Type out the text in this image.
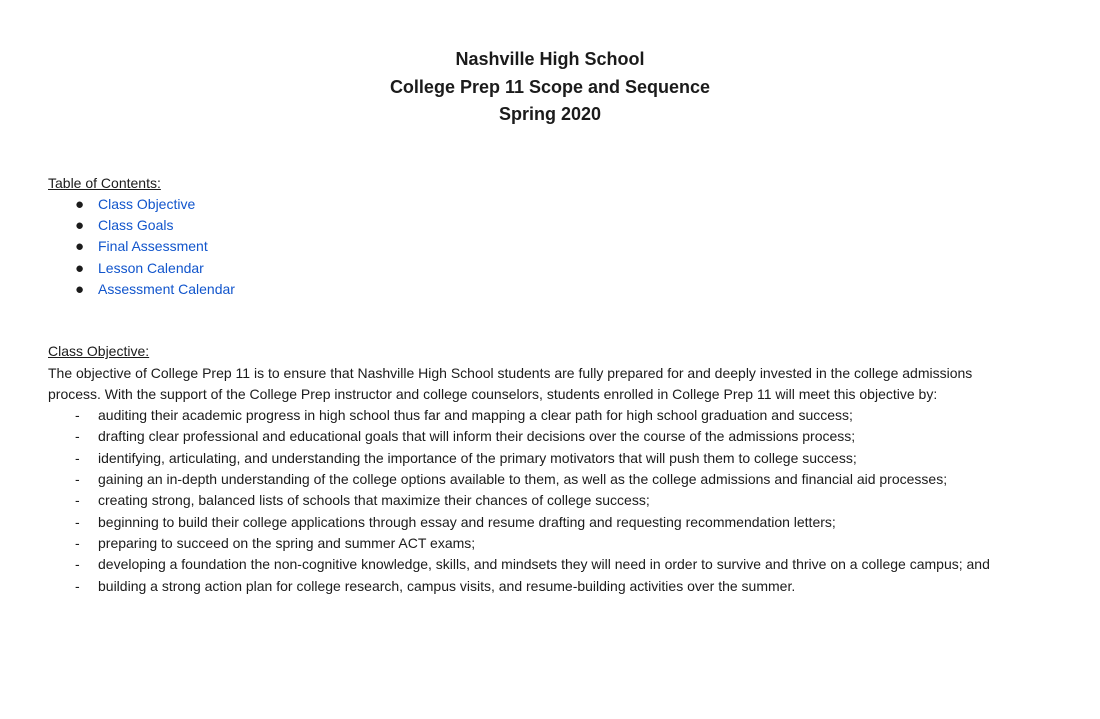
Nashville High School
College Prep 11 Scope and Sequence
Spring 2020
Table of Contents:
● Class Objective
● Class Goals
● Final Assessment
● Lesson Calendar
● Assessment Calendar
Class Objective:
The objective of College Prep 11 is to ensure that Nashville High School students are fully prepared for and deeply invested in the college admissions
process. With the support of the College Prep instructor and college counselors, students enrolled in College Prep 11 will meet this objective by:
-	auditing their academic progress in high school thus far and mapping a clear path for high school graduation and success;
-	drafting clear professional and educational goals that will inform their decisions over the course of the admissions process;
-	identifying, articulating, and understanding the importance of the primary motivators that will push them to college success;
-	gaining an in-depth understanding of the college options available to them, as well as the college admissions and financial aid processes;
-	creating strong, balanced lists of schools that maximize their chances of college success;
-	beginning to build their college applications through essay and resume drafting and requesting recommendation letters;
-	preparing to succeed on the spring and summer ACT exams;
-	developing a foundation the non-cognitive knowledge, skills, and mindsets they will need in order to survive and thrive on a college campus; and
-	building a strong action plan for college research, campus visits, and resume-building activities over the summer.
